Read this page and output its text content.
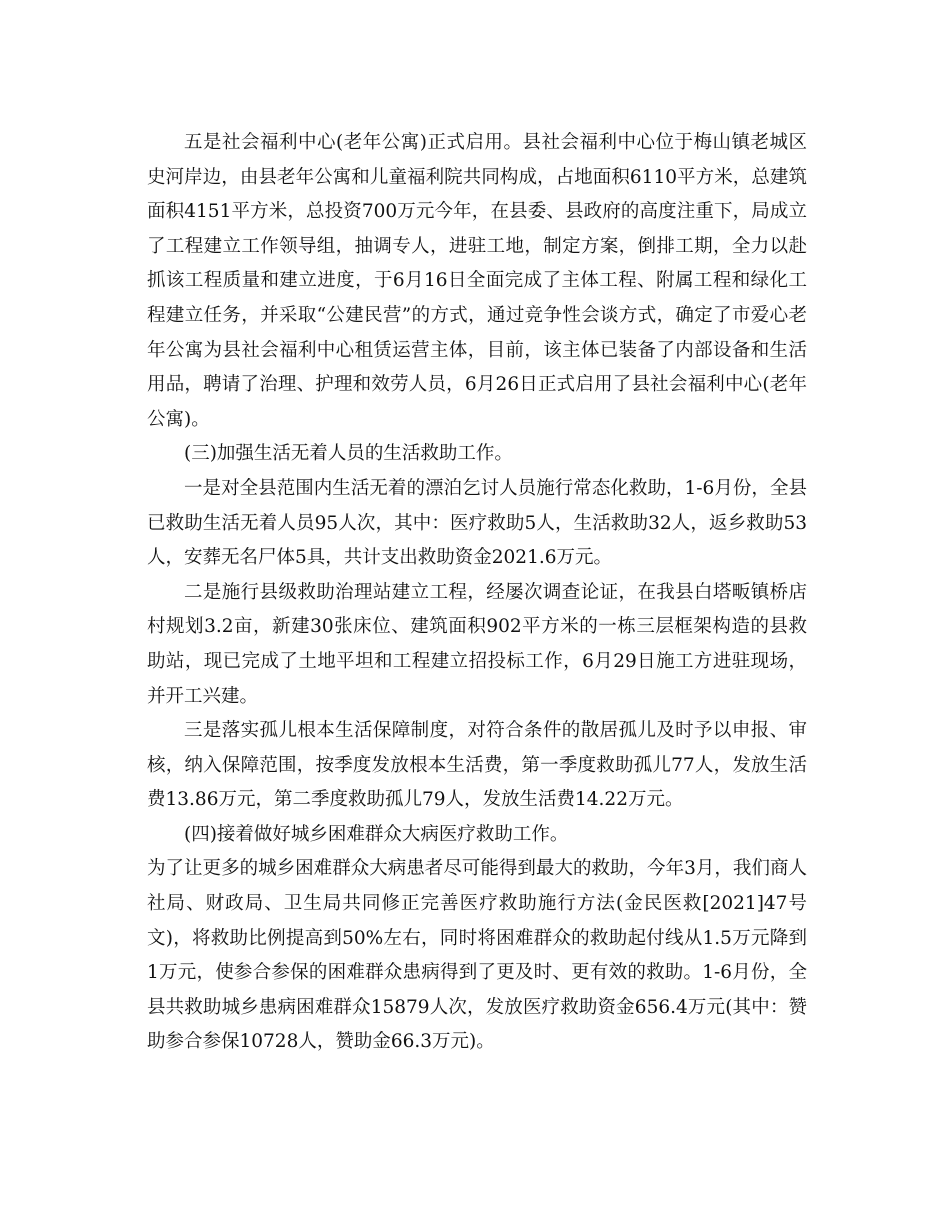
五是社会福利中心(老年公寓)正式启用。县社会福利中心位于梅山镇老城区史河岸边，由县老年公寓和儿童福利院共同构成，占地面积6110平方米，总建筑面积4151平方米，总投资700万元今年，在县委、县政府的高度注重下，局成立了工程建立工作领导组，抽调专人，进驻工地，制定方案，倒排工期，全力以赴抓该工程质量和建立进度，于6月16日全面完成了主体工程、附属工程和绿化工程建立任务，并采取“公建民营”的方式，通过竞争性会谈方式，确定了市爱心老年公寓为县社会福利中心租赁运营主体，目前，该主体已装备了内部设备和生活用品，聘请了治理、护理和效劳人员，6月26日正式启用了县社会福利中心(老年公寓)。

(三)加强生活无着人员的生活救助工作。

一是对全县范围内生活无着的漂泊乞讨人员施行常态化救助，1-6月份，全县已救助生活无着人员95人次，其中：医疗救助5人，生活救助32人，返乡救助53人，安葬无名尸体5具，共计支出救助资金2021.6万元。

二是施行县级救助治理站建立工程，经屡次调查论证，在我县白塔畈镇桥店村规划3.2亩，新建30张床位、建筑面积902平方米的一栋三层框架构造的县救助站，现已完成了土地平坦和工程建立招投标工作，6月29日施工方进驻现场，并开工兴建。

三是落实孤儿根本生活保障制度，对符合条件的散居孤儿及时予以申报、审核，纳入保障范围，按季度发放根本生活费，第一季度救助孤儿77人，发放生活费13.86万元，第二季度救助孤儿79人，发放生活费14.22万元。

(四)接着做好城乡困难群众大病医疗救助工作。

为了让更多的城乡困难群众大病患者尽可能得到最大的救助，今年3月，我们商人社局、财政局、卫生局共同修正完善医疗救助施行方法(金民医救[2021]47号文)，将救助比例提高到50%左右，同时将困难群众的救助起付线从1.5万元降到1万元，使参合参保的困难群众患病得到了更及时、更有效的救助。1-6月份，全县共救助城乡患病困难群众15879人次，发放医疗救助资金656.4万元(其中：赞助参合参保10728人，赞助金66.3万元)。
